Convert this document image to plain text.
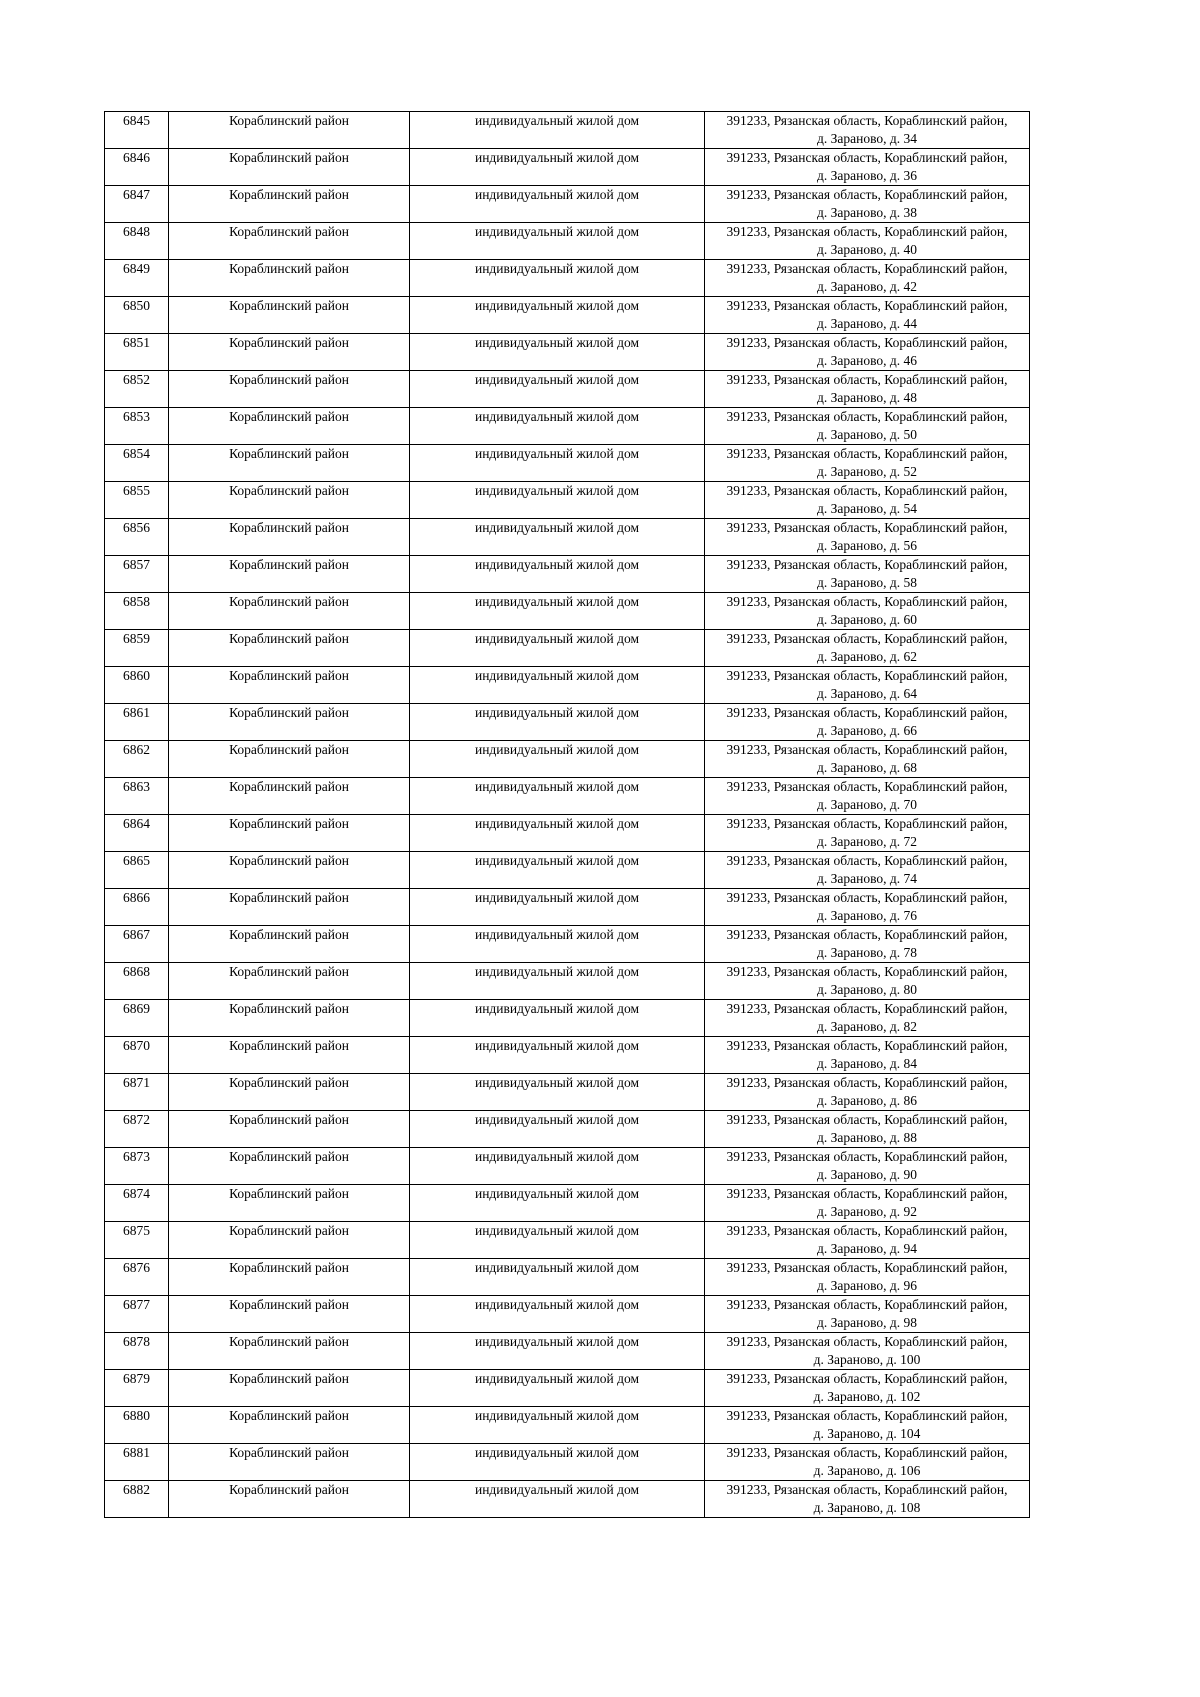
6845	Кораблинский район	индивидуальный жилой дом	391233, Рязанская область, Кораблинский район,
д. Зараново, д. 34

6846	Кораблинский район	индивидуальный жилой дом	391233, Рязанская область, Кораблинский район,
д. Зараново, д. 36

6847	Кораблинский район	индивидуальный жилой дом	391233, Рязанская область, Кораблинский район,
д. Зараново, д. 38

6848	Кораблинский район	индивидуальный жилой дом	391233, Рязанская область, Кораблинский район,
д. Зараново, д. 40

6849	Кораблинский район	индивидуальный жилой дом	391233, Рязанская область, Кораблинский район,
д. Зараново, д. 42

6850	Кораблинский район	индивидуальный жилой дом	391233, Рязанская область, Кораблинский район,
д. Зараново, д. 44

6851	Кораблинский район	индивидуальный жилой дом	391233, Рязанская область, Кораблинский район,
д. Зараново, д. 46

6852	Кораблинский район	индивидуальный жилой дом	391233, Рязанская область, Кораблинский район,
д. Зараново, д. 48

6853	Кораблинский район	индивидуальный жилой дом	391233, Рязанская область, Кораблинский район,
д. Зараново, д. 50

6854	Кораблинский район	индивидуальный жилой дом	391233, Рязанская область, Кораблинский район,
д. Зараново, д. 52

6855	Кораблинский район	индивидуальный жилой дом	391233, Рязанская область, Кораблинский район,
д. Зараново, д. 54

6856	Кораблинский район	индивидуальный жилой дом	391233, Рязанская область, Кораблинский район,
д. Зараново, д. 56

6857	Кораблинский район	индивидуальный жилой дом	391233, Рязанская область, Кораблинский район,
д. Зараново, д. 58

6858	Кораблинский район	индивидуальный жилой дом	391233, Рязанская область, Кораблинский район,
д. Зараново, д. 60

6859	Кораблинский район	индивидуальный жилой дом	391233, Рязанская область, Кораблинский район,
д. Зараново, д. 62

6860	Кораблинский район	индивидуальный жилой дом	391233, Рязанская область, Кораблинский район,
д. Зараново, д. 64

6861	Кораблинский район	индивидуальный жилой дом	391233, Рязанская область, Кораблинский район,
д. Зараново, д. 66

6862	Кораблинский район	индивидуальный жилой дом	391233, Рязанская область, Кораблинский район,
д. Зараново, д. 68

6863	Кораблинский район	индивидуальный жилой дом	391233, Рязанская область, Кораблинский район,
д. Зараново, д. 70

6864	Кораблинский район	индивидуальный жилой дом	391233, Рязанская область, Кораблинский район,
д. Зараново, д. 72

6865	Кораблинский район	индивидуальный жилой дом	391233, Рязанская область, Кораблинский район,
д. Зараново, д. 74

6866	Кораблинский район	индивидуальный жилой дом	391233, Рязанская область, Кораблинский район,
д. Зараново, д. 76

6867	Кораблинский район	индивидуальный жилой дом	391233, Рязанская область, Кораблинский район,
д. Зараново, д. 78

6868	Кораблинский район	индивидуальный жилой дом	391233, Рязанская область, Кораблинский район,
д. Зараново, д. 80

6869	Кораблинский район	индивидуальный жилой дом	391233, Рязанская область, Кораблинский район,
д. Зараново, д. 82

6870	Кораблинский район	индивидуальный жилой дом	391233, Рязанская область, Кораблинский район,
д. Зараново, д. 84

6871	Кораблинский район	индивидуальный жилой дом	391233, Рязанская область, Кораблинский район,
д. Зараново, д. 86

6872	Кораблинский район	индивидуальный жилой дом	391233, Рязанская область, Кораблинский район,
д. Зараново, д. 88

6873	Кораблинский район	индивидуальный жилой дом	391233, Рязанская область, Кораблинский район,
д. Зараново, д. 90

6874	Кораблинский район	индивидуальный жилой дом	391233, Рязанская область, Кораблинский район,
д. Зараново, д. 92

6875	Кораблинский район	индивидуальный жилой дом	391233, Рязанская область, Кораблинский район,
д. Зараново, д. 94

6876	Кораблинский район	индивидуальный жилой дом	391233, Рязанская область, Кораблинский район,
д. Зараново, д. 96

6877	Кораблинский район	индивидуальный жилой дом	391233, Рязанская область, Кораблинский район,
д. Зараново, д. 98

6878	Кораблинский район	индивидуальный жилой дом	391233, Рязанская область, Кораблинский район,
д. Зараново, д. 100

6879	Кораблинский район	индивидуальный жилой дом	391233, Рязанская область, Кораблинский район,
д. Зараново, д. 102

6880	Кораблинский район	индивидуальный жилой дом	391233, Рязанская область, Кораблинский район,
д. Зараново, д. 104

6881	Кораблинский район	индивидуальный жилой дом	391233, Рязанская область, Кораблинский район,
д. Зараново, д. 106

6882	Кораблинский район	индивидуальный жилой дом	391233, Рязанская область, Кораблинский район,
д. Зараново, д. 108
